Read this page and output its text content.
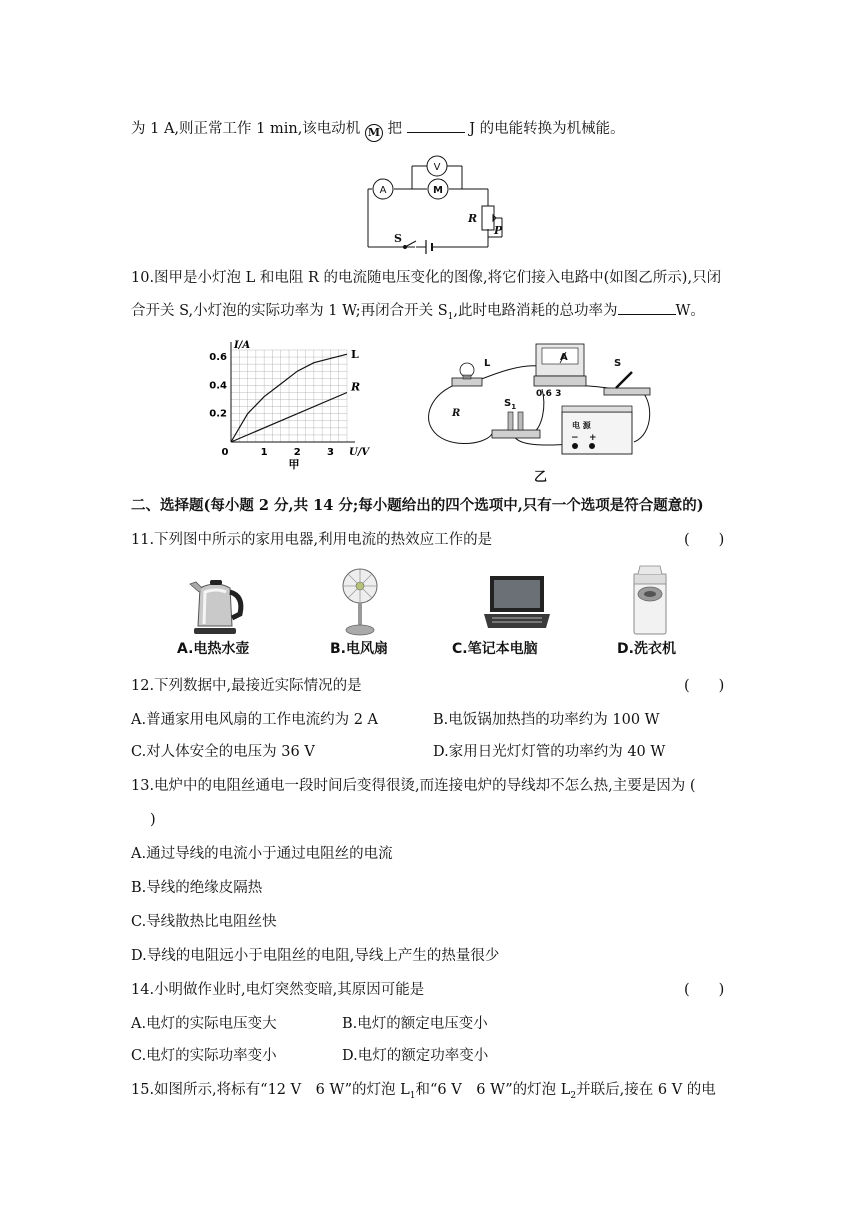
为 1 A,则正常工作 1 min,该电动机 M 把	J 的电能转换为机械能。
A	M
V
R
P
S
10.图甲是小灯泡 L 和电阻 R 的电流随电压变化的图像,将它们接入电路中(如图乙所示),只闭
合开关 S,小灯泡的实际功率为 1 W;再闭合开关 $S_1$,此时电路消耗的总功率为	W。
0	1	2	3
0.2
0.4
0.6
U/V
I/A
L
R
甲
L
R
S
$S_1$
0.6 3
A
电 源
− +
乙
二、选择题(每小题 2 分,共 14 分;每小题给出的四个选项中,只有一个选项是符合题意的)
11.下列图中所示的家用电器,利用电流的热效应工作的是	(　　)
A.电热水壶	B.电风扇	C.笔记本电脑	D.洗衣机
12.下列数据中,最接近实际情况的是	(　　)
A.普通家用电风扇的工作电流约为 2 A	B.电饭锅加热挡的功率约为 100 W
C.对人体安全的电压为 36 V	D.家用日光灯灯管的功率约为 40 W
13.电炉中的电阻丝通电一段时间后变得很烫,而连接电炉的导线却不怎么热,主要是因为 (
)
A.通过导线的电流小于通过电阻丝的电流
B.导线的绝缘皮隔热
C.导线散热比电阻丝快
D.导线的电阻远小于电阻丝的电阻,导线上产生的热量很少
14.小明做作业时,电灯突然变暗,其原因可能是	(　　)
A.电灯的实际电压变大	B.电灯的额定电压变小
C.电灯的实际功率变小	D.电灯的额定功率变小
15.如图所示,将标有“12 V　6 W”的灯泡 $L_1$和“6 V　6 W”的灯泡 $L_2$并联后,接在 6 V 的电
